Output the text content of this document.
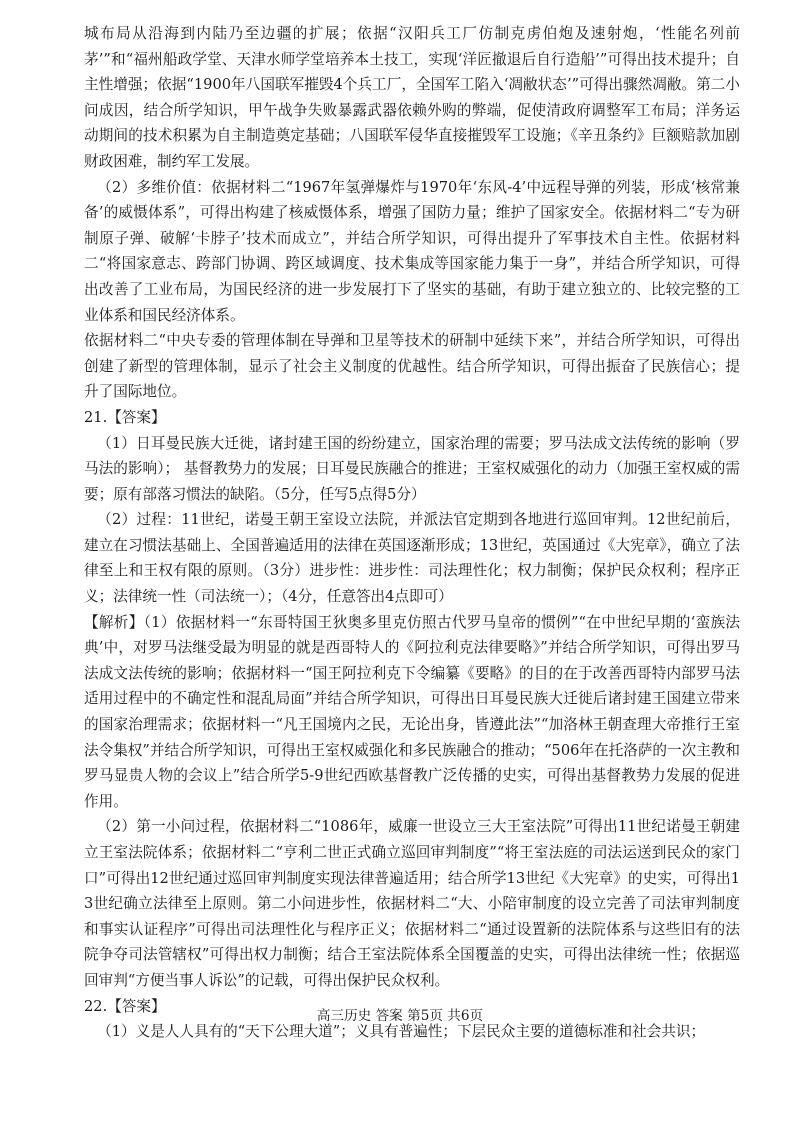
城布局从沿海到内陆乃至边疆的扩展；依据“汉阳兵工厂仿制克虏伯炮及速射炮，‘性能名列前茅’”和“福州船政学堂、天津水师学堂培养本土技工，实现‘洋匠撤退后自行造船’”可得出技术提升；自主性增强；依据“1900年八国联军摧毁4个兵工厂，全国军工陷入‘凋敝状态’”可得出骤然凋敝。第二小问成因，结合所学知识，甲午战争失败暴露武器依赖外购的弊端，促使清政府调整军工布局；洋务运动期间的技术积累为自主制造奠定基础；八国联军侵华直接摧毁军工设施；《辛丑条约》巨额赔款加剧财政困难，制约军工发展。

（2）多维价值：依据材料二“1967年氢弹爆炸与1970年‘东风-4’中远程导弹的列装，形成‘核常兼备’的威慑体系”，可得出构建了核威慑体系，增强了国防力量；维护了国家安全。依据材料二“专为研制原子弹、破解‘卡脖子’技术而成立”，并结合所学知识，可得出提升了军事技术自主性。依据材料二“将国家意志、跨部门协调、跨区域调度、技术集成等国家能力集于一身”，并结合所学知识，可得出改善了工业布局，为国民经济的进一步发展打下了坚实的基础，有助于建立独立的、比较完整的工业体系和国民经济体系。

依据材料二“中央专委的管理体制在导弹和卫星等技术的研制中延续下来”，并结合所学知识，可得出创建了新型的管理体制，显示了社会主义制度的优越性。结合所学知识，可得出振奋了民族信心；提升了国际地位。

21.【答案】

（1）日耳曼民族大迁徙，诸封建王国的纷纷建立，国家治理的需要；罗马法成文法传统的影响（罗马法的影响）； 基督教势力的发展；日耳曼民族融合的推进；王室权威强化的动力（加强王室权威的需要；原有部落习惯法的缺陷。（5分，任写5点得5分）

（2）过程：11世纪，诺曼王朝王室设立法院，并派法官定期到各地进行巡回审判。12世纪前后，建立在习惯法基础上、全国普遍适用的法律在英国逐渐形成；13世纪，英国通过《大宪章》，确立了法律至上和王权有限的原则。（3分）进步性：进步性：司法理性化；权力制衡；保护民众权利；程序正义；法律统一性（司法统一）；（4分，任意答出4点即可）

【解析】（1）依据材料一“东哥特国王狄奥多里克仿照古代罗马皇帝的惯例”“在中世纪早期的‘蛮族法典’中，对罗马法继受最为明显的就是西哥特人的《阿拉利克法律要略》”并结合所学知识，可得出罗马法成文法传统的影响；依据材料一“国王阿拉利克下令编纂《要略》的目的在于改善西哥特内部罗马法适用过程中的不确定性和混乱局面”并结合所学知识，可得出日耳曼民族大迁徙后诸封建王国建立带来的国家治理需求；依据材料一“凡王国境内之民，无论出身，皆遵此法”“加洛林王朝查理大帝推行王室法令集权”并结合所学知识，可得出王室权威强化和多民族融合的推动；“506年在托洛萨的一次主教和罗马显贵人物的会议上”结合所学5-9世纪西欧基督教广泛传播的史实，可得出基督教势力发展的促进作用。

（2）第一小问过程，依据材料二“1086年，威廉一世设立三大王室法院”可得出11世纪诺曼王朝建立王室法院体系；依据材料二“亨利二世正式确立巡回审判制度”“将王室法庭的司法运送到民众的家门口”可得出12世纪通过巡回审判制度实现法律普遍适用；结合所学13世纪《大宪章》的史实，可得出13世纪确立法律至上原则。第二小问进步性，依据材料二“大、小陪审制度的设立完善了司法审判制度和事实认证程序”可得出司法理性化与程序正义；依据材料二“通过设置新的法院体系与这些旧有的法院争夺司法管辖权”可得出权力制衡；结合王室法院体系全国覆盖的史实，可得出法律统一性；依据巡回审判“方便当事人诉讼”的记载，可得出保护民众权利。

22.【答案】

（1）义是人人具有的“天下公理大道”；义具有普遍性；下层民众主要的道德标准和社会共识；

高三历史 答案 第5页 共6页
